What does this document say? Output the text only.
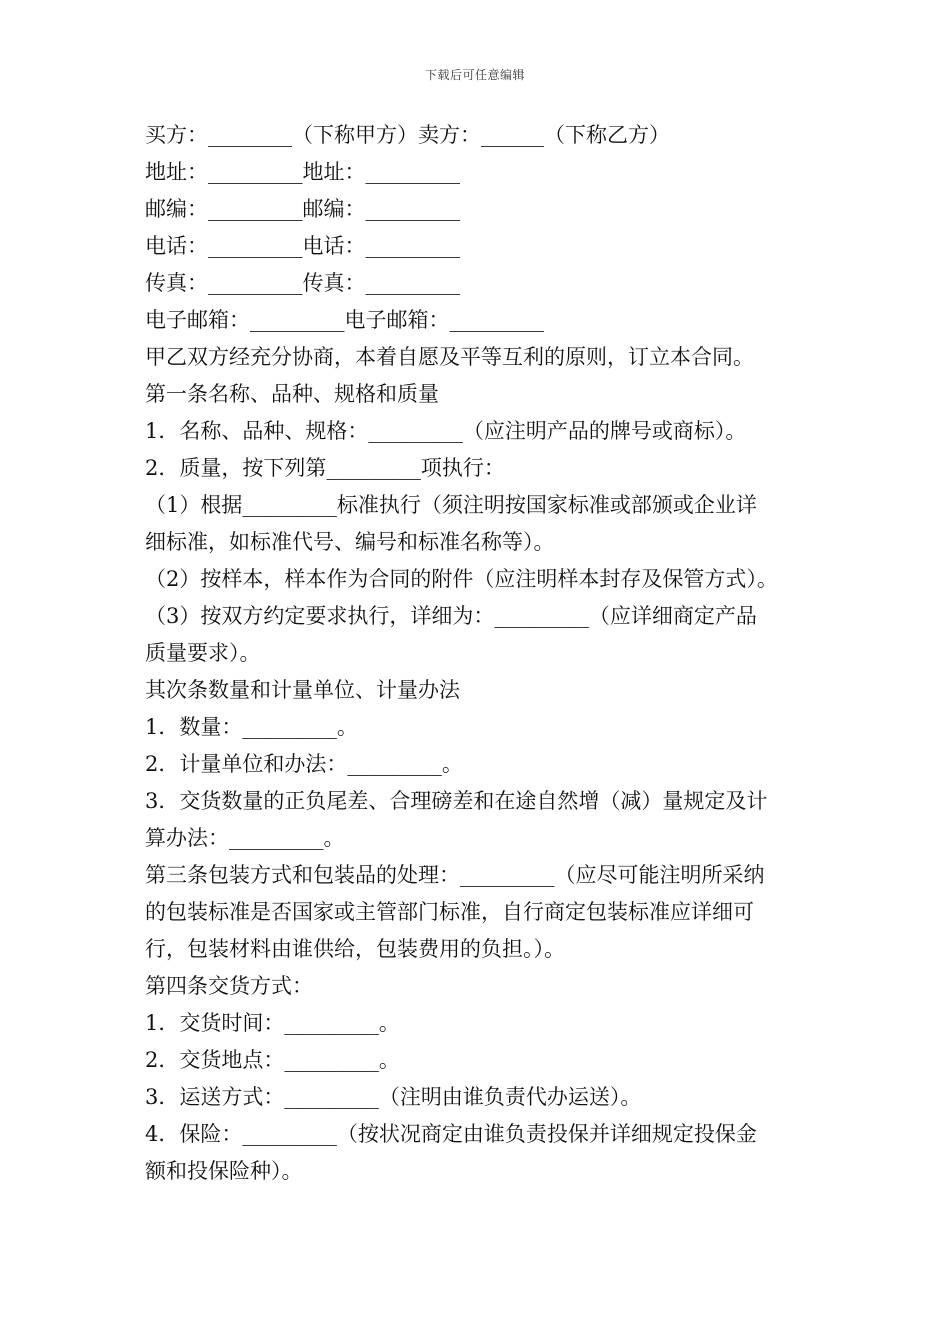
下载后可任意编辑
买方：________（下称甲方）卖方：______（下称乙方）
地址：_________地址：_________
邮编：_________邮编：_________
电话：_________电话：_________
传真：_________传真：_________
电子邮箱：_________电子邮箱：_________
甲乙双方经充分协商，本着自愿及平等互利的原则，订立本合同。
第一条名称、品种、规格和质量
1．名称、品种、规格：_________（应注明产品的牌号或商标）。
2．质量，按下列第_________项执行：
（1）根据_________标准执行（须注明按国家标准或部颁或企业详
细标准，如标准代号、编号和标准名称等）。
（2）按样本，样本作为合同的附件（应注明样本封存及保管方式）。
（3）按双方约定要求执行，详细为：_________（应详细商定产品
质量要求）。
其次条数量和计量单位、计量办法
1．数量：_________。
2．计量单位和办法：_________。
3．交货数量的正负尾差、合理磅差和在途自然增（减）量规定及计
算办法：_________。
第三条包装方式和包装品的处理：_________（应尽可能注明所采纳
的包装标准是否国家或主管部门标准，自行商定包装标准应详细可
行，包装材料由谁供给，包装费用的负担。）。
第四条交货方式：
1．交货时间：_________。
2．交货地点：_________。
3．运送方式：_________（注明由谁负责代办运送）。
4．保险：_________（按状况商定由谁负责投保并详细规定投保金
额和投保险种）。
